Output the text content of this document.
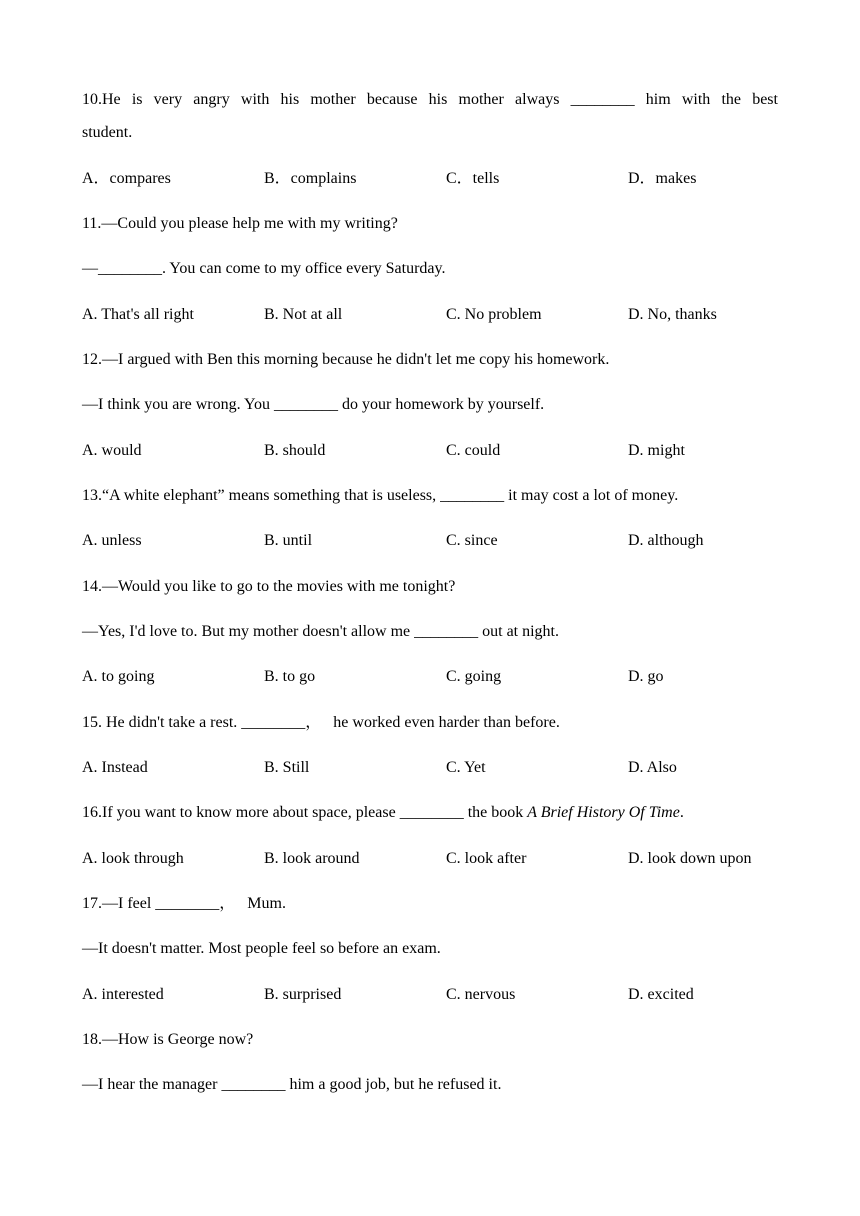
10.He is very angry with his mother because his mother always ________ him with the best
student.
A．compares	B．complains	C．tells	D．makes
11.—Could you please help me with my writing?
—________. You can come to my office every Saturday.
A. That's all right	B. Not at all	C. No problem	D. No, thanks
12.—I argued with Ben this morning because he didn't let me copy his homework.
—I think you are wrong. You ________ do your homework by yourself.
A. would	B. should	C. could	D. might
13.“A white elephant” means something that is useless, ________ it may cost a lot of money.
A. unless	B. until	C. since	D. although
14.—Would you like to go to the movies with me tonight?
—Yes, I'd love to. But my mother doesn't allow me ________ out at night.
A. to going	B. to go	C. going	D. go
15. He didn't take a rest. ________，   he worked even harder than before.
A. Instead	B. Still	C. Yet	D. Also
16.If you want to know more about space, please ________ the book A Brief History Of Time.
A. look through	B. look around	C. look after	D. look down upon
17.—I feel ________，   Mum.
—It doesn't matter. Most people feel so before an exam.
A. interested	B. surprised	C. nervous	D. excited
18.—How is George now?
—I hear the manager ________ him a good job, but he refused it.
